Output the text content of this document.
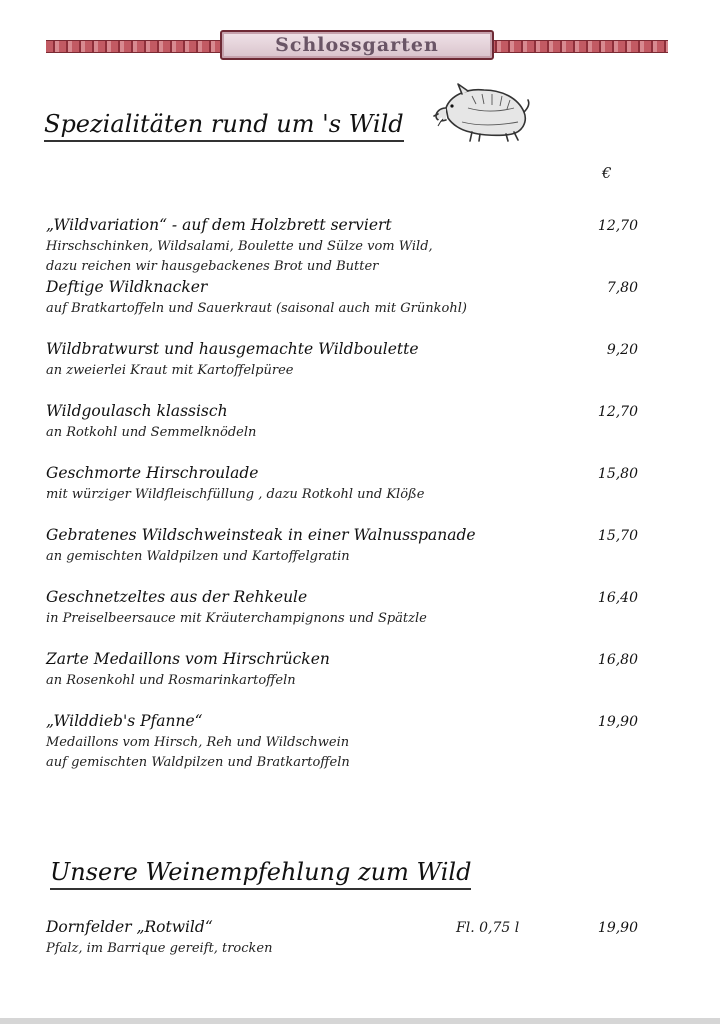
Schlossgarten
Spezialitäten rund um 's Wild
€
„Wildvariation“ - auf dem Holzbrett serviert
Hirschschinken, Wildsalami, Boulette und Sülze vom Wild,
dazu reichen wir hausgebackenes Brot und Butter
12,70
Deftige Wildknacker
auf Bratkartoffeln und Sauerkraut (saisonal auch mit Grünkohl)
7,80
Wildbratwurst und hausgemachte Wildboulette
an zweierlei Kraut mit Kartoffelpüree
9,20
Wildgoulasch klassisch
an Rotkohl und Semmelknödeln
12,70
Geschmorte Hirschroulade
mit würziger Wildfleischfüllung , dazu Rotkohl und Klöße
15,80
Gebratenes Wildschweinsteak in einer Walnusspanade
an gemischten Waldpilzen und Kartoffelgratin
15,70
Geschnetzeltes aus der Rehkeule
in Preiselbeersauce mit Kräuterchampignons und Spätzle
16,40
Zarte Medaillons vom Hirschrücken
an Rosenkohl und Rosmarinkartoffeln
16,80
„Wilddieb's Pfanne“
Medaillons vom Hirsch, Reh und Wildschwein
auf gemischten Waldpilzen und Bratkartoffeln
19,90
Unsere Weinempfehlung zum Wild
Dornfelder „Rotwild“
Pfalz, im Barrique gereift, trocken
Fl. 0,75 l	19,90
